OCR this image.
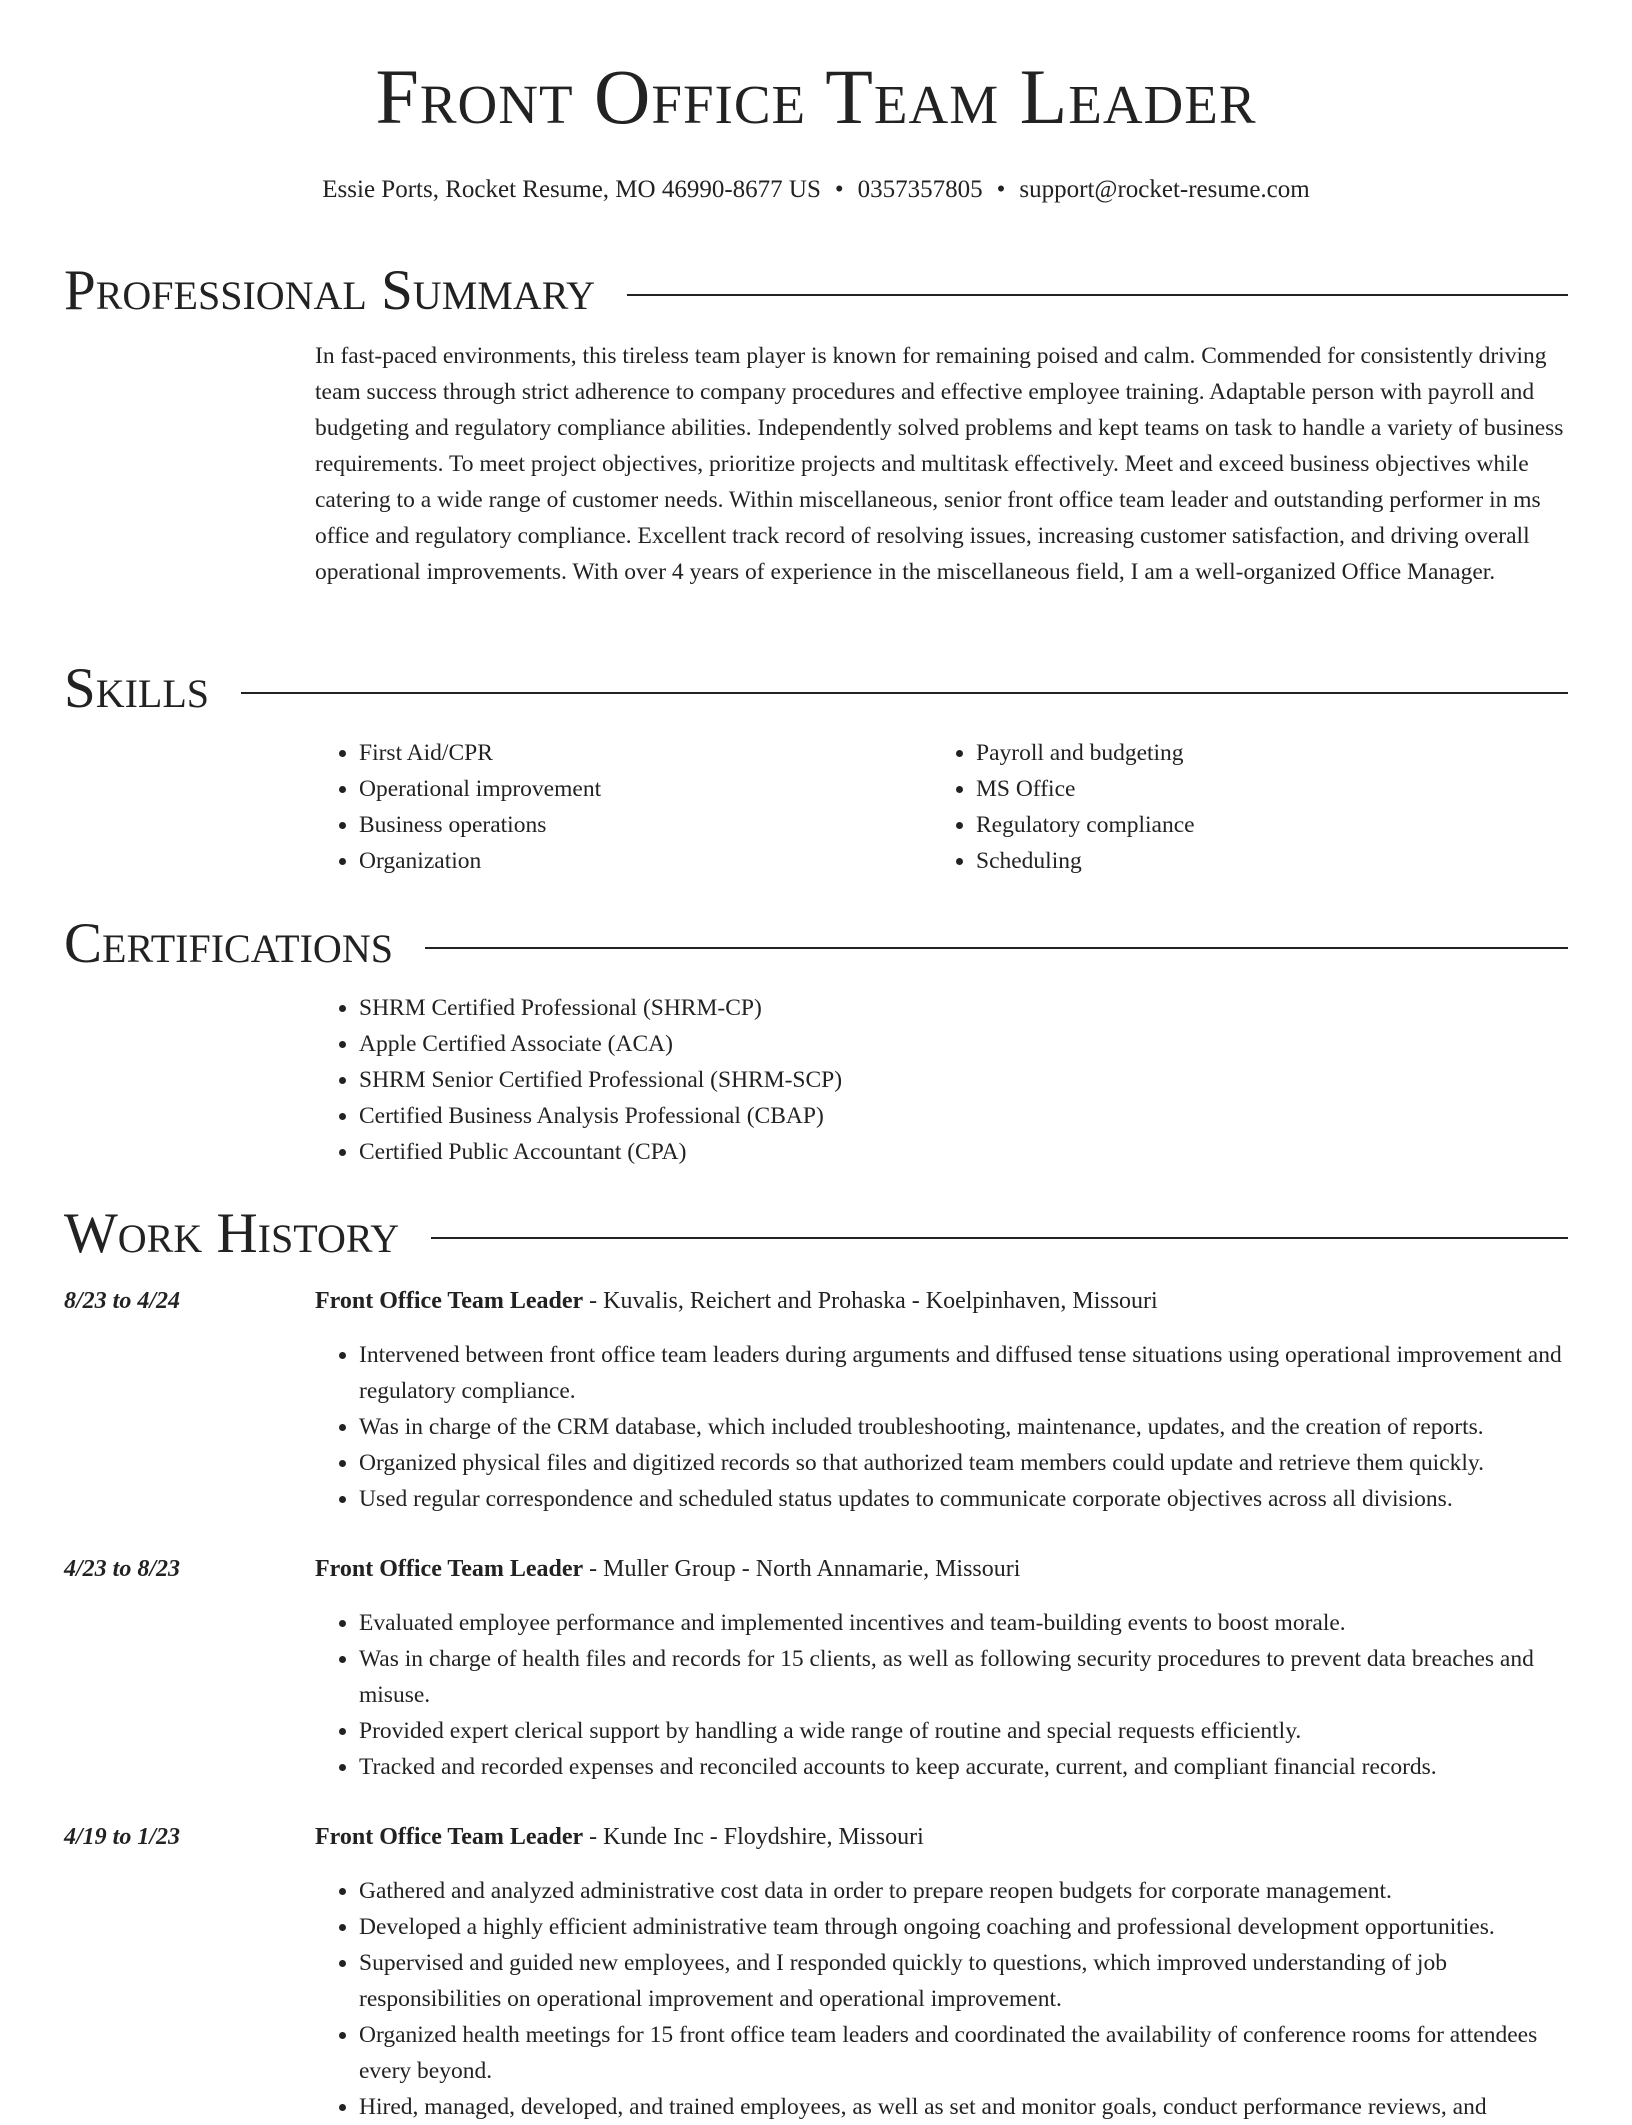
Front Office Team Leader
Essie Ports, Rocket Resume, MO 46990-8677 US • 0357357805 • support@rocket-resume.com
Professional Summary

In fast-paced environments, this tireless team player is known for remaining poised and calm. Commended for consistently driving team success through strict adherence to company procedures and effective employee training. Adaptable person with payroll and budgeting and regulatory compliance abilities. Independently solved problems and kept teams on task to handle a variety of business requirements. To meet project objectives, prioritize projects and multitask effectively. Meet and exceed business objectives while catering to a wide range of customer needs. Within miscellaneous, senior front office team leader and outstanding performer in ms office and regulatory compliance. Excellent track record of resolving issues, increasing customer satisfaction, and driving overall operational improvements. With over 4 years of experience in the miscellaneous field, I am a well-organized Office Manager.

Skills
• First Aid/CPR
• Operational improvement
• Business operations
• Organization
• Payroll and budgeting
• MS Office
• Regulatory compliance
• Scheduling
Certifications
• SHRM Certified Professional (SHRM-CP)
• Apple Certified Associate (ACA)
• SHRM Senior Certified Professional (SHRM-SCP)
• Certified Business Analysis Professional (CBAP)
• Certified Public Accountant (CPA)
Work History
8/23 to 4/24	Front Office Team Leader - Kuvalis, Reichert and Prohaska - Koelpinhaven, Missouri
• Intervened between front office team leaders during arguments and diffused tense situations using operational improvement and regulatory compliance.
• Was in charge of the CRM database, which included troubleshooting, maintenance, updates, and the creation of reports.
• Organized physical files and digitized records so that authorized team members could update and retrieve them quickly.
• Used regular correspondence and scheduled status updates to communicate corporate objectives across all divisions.
4/23 to 8/23	Front Office Team Leader - Muller Group - North Annamarie, Missouri
• Evaluated employee performance and implemented incentives and team-building events to boost morale.
• Was in charge of health files and records for 15 clients, as well as following security procedures to prevent data breaches and misuse.
• Provided expert clerical support by handling a wide range of routine and special requests efficiently.
• Tracked and recorded expenses and reconciled accounts to keep accurate, current, and compliant financial records.
4/19 to 1/23	Front Office Team Leader - Kunde Inc - Floydshire, Missouri
• Gathered and analyzed administrative cost data in order to prepare reopen budgets for corporate management.
• Developed a highly efficient administrative team through ongoing coaching and professional development opportunities.
• Supervised and guided new employees, and I responded quickly to questions, which improved understanding of job responsibilities on operational improvement and operational improvement.
• Organized health meetings for 15 front office team leaders and coordinated the availability of conference rooms for attendees every beyond.
• Hired, managed, developed, and trained employees, as well as set and monitor goals, conduct performance reviews, and
